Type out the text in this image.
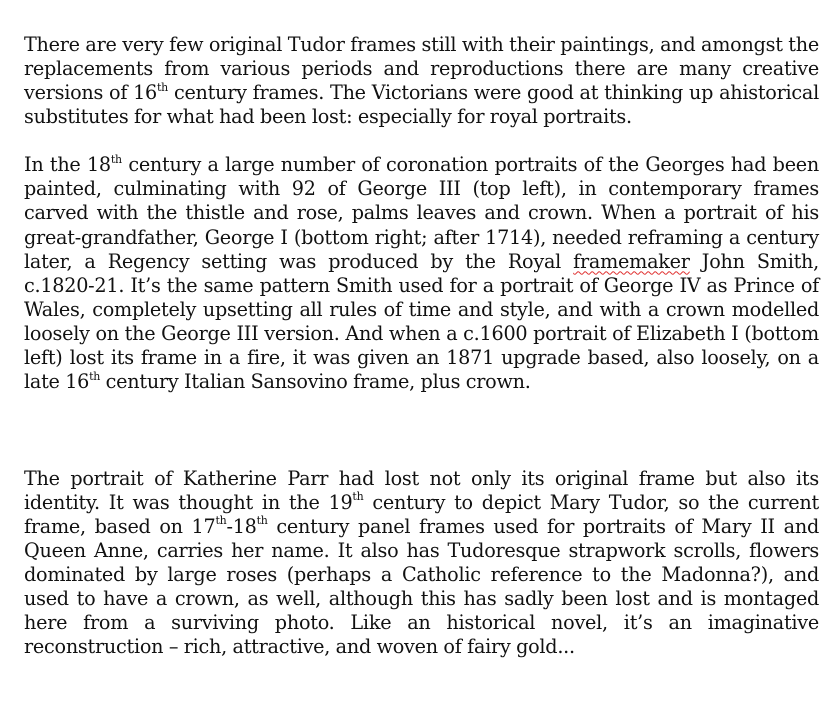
There are very few original Tudor frames still with their paintings, and amongst the replacements from various periods and reproductions there are many creative versions of 16th century frames. The Victorians were good at thinking up ahistorical substitutes for what had been lost: especially for royal portraits.

In the 18th century a large number of coronation portraits of the Georges had been painted, culminating with 92 of George III (top left), in contemporary frames carved with the thistle and rose, palms leaves and crown. When a portrait of his great-grandfather, George I (bottom right; after 1714), needed reframing a century later, a Regency setting was produced by the Royal framemaker John Smith, c.1820-21. It’s the same pattern Smith used for a portrait of George IV as Prince of Wales, completely upsetting all rules of time and style, and with a crown modelled loosely on the George III version. And when a c.1600 portrait of Elizabeth I (bottom left) lost its frame in a fire, it was given an 1871 upgrade based, also loosely, on a late 16th century Italian Sansovino frame, plus crown.

The portrait of Katherine Parr had lost not only its original frame but also its identity. It was thought in the 19th century to depict Mary Tudor, so the current frame, based on 17th-18th century panel frames used for portraits of Mary II and Queen Anne, carries her name. It also has Tudoresque strapwork scrolls, flowers dominated by large roses (perhaps a Catholic reference to the Madonna?), and used to have a crown, as well, although this has sadly been lost and is montaged here from a surviving photo. Like an historical novel, it’s an imaginative reconstruction – rich, attractive, and woven of fairy gold...
